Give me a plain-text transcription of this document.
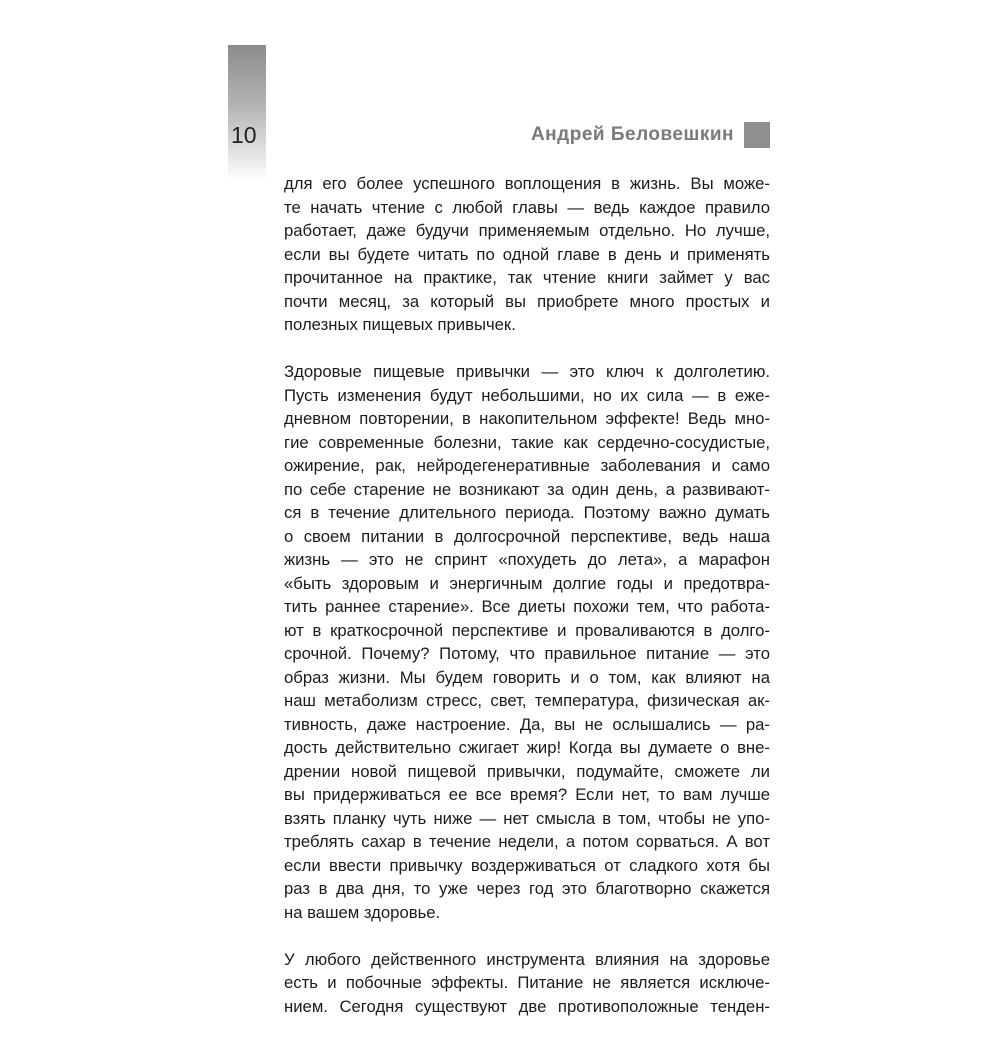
10	Андрей Беловешкин
для его более успешного воплощения в жизнь. Вы може-
те начать чтение с любой главы — ведь каждое правило
работает, даже будучи применяемым отдельно. Но лучше,
если вы будете читать по одной главе в день и применять
прочитанное на практике, так чтение книги займет у вас
почти месяц, за который вы приобрете много простых и
полезных пищевых привычек.
Здоровые пищевые привычки — это ключ к долголетию.
Пусть изменения будут небольшими, но их сила — в еже-
дневном повторении, в накопительном эффекте! Ведь мно-
гие современные болезни, такие как сердечно-сосудистые,
ожирение, рак, нейродегенеративные заболевания и само
по себе старение не возникают за один день, а развивают-
ся в течение длительного периода. Поэтому важно думать
о своем питании в долгосрочной перспективе, ведь наша
жизнь — это не спринт «похудеть до лета», а марафон
«быть здоровым и энергичным долгие годы и предотвра-
тить раннее старение». Все диеты похожи тем, что работа-
ют в краткосрочной перспективе и проваливаются в долго-
срочной. Почему? Потому, что правильное питание — это
образ жизни. Мы будем говорить и о том, как влияют на
наш метаболизм стресс, свет, температура, физическая ак-
тивность, даже настроение. Да, вы не ослышались — ра-
дость действительно сжигает жир! Когда вы думаете о вне-
дрении новой пищевой привычки, подумайте, сможете ли
вы придерживаться ее все время? Если нет, то вам лучше
взять планку чуть ниже — нет смысла в том, чтобы не упо-
треблять сахар в течение недели, а потом сорваться. А вот
если ввести привычку воздерживаться от сладкого хотя бы
раз в два дня, то уже через год это благотворно скажется
на вашем здоровье.
У любого действенного инструмента влияния на здоровье
есть и побочные эффекты. Питание не является исключе-
нием. Сегодня существуют две противоположные тенден-
